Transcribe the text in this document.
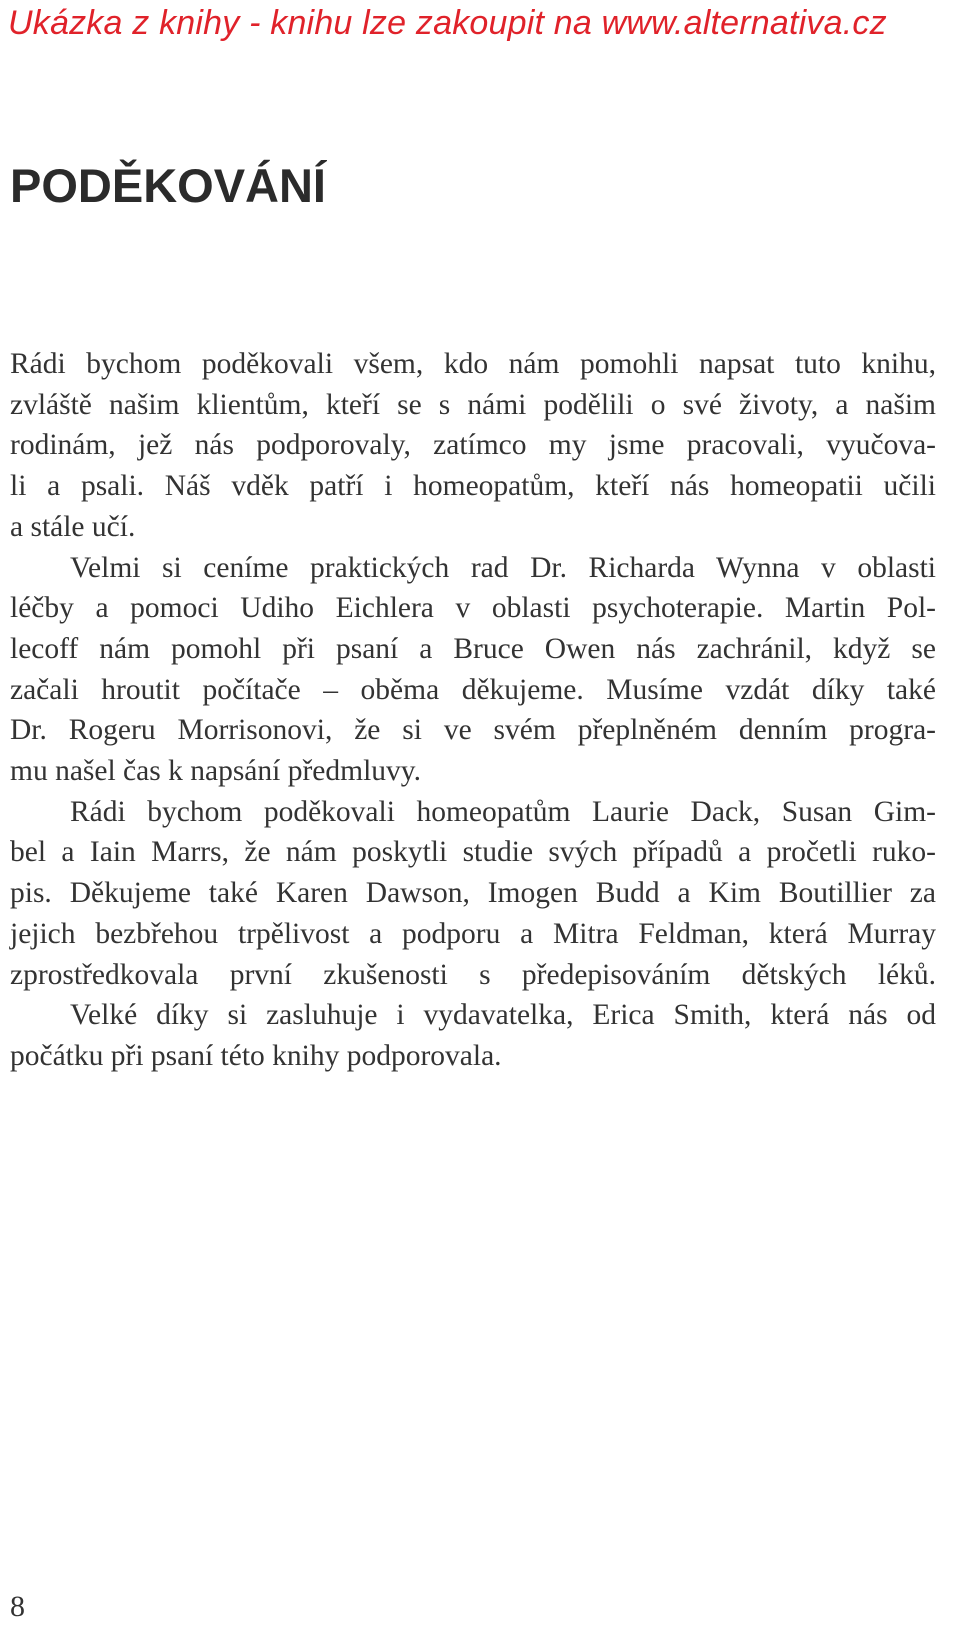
Ukázka z knihy - knihu lze zakoupit na www.alternativa.cz
PODĚKOVÁNÍ

Rádi bychom poděkovali všem, kdo nám pomohli napsat tuto knihu,
zvláště našim klientům, kteří se s námi podělili o své životy, a našim
rodinám, jež nás podporovaly, zatímco my jsme pracovali, vyučova-
li a psali. Náš vděk patří i homeopatům, kteří nás homeopatii učili
a stále učí.

Velmi si ceníme praktických rad Dr. Richarda Wynna v oblasti
léčby a pomoci Udiho Eichlera v oblasti psychoterapie. Martin Pol-
lecoff nám pomohl při psaní a Bruce Owen nás zachránil, když se
začali hroutit počítače – oběma děkujeme. Musíme vzdát díky také
Dr. Rogeru Morrisonovi, že si ve svém přeplněném denním progra-
mu našel čas k napsání předmluvy.

Rádi bychom poděkovali homeopatům Laurie Dack, Susan Gim-
bel a Iain Marrs, že nám poskytli studie svých případů a pročetli ruko-
pis. Děkujeme také Karen Dawson, Imogen Budd a Kim Boutillier za
jejich bezbřehou trpělivost a podporu a Mitra Feldman, která Murray
zprostředkovala první zkušenosti s předepisováním dětských léků.

Velké díky si zasluhuje i vydavatelka, Erica Smith, která nás od
počátku při psaní této knihy podporovala.

8
